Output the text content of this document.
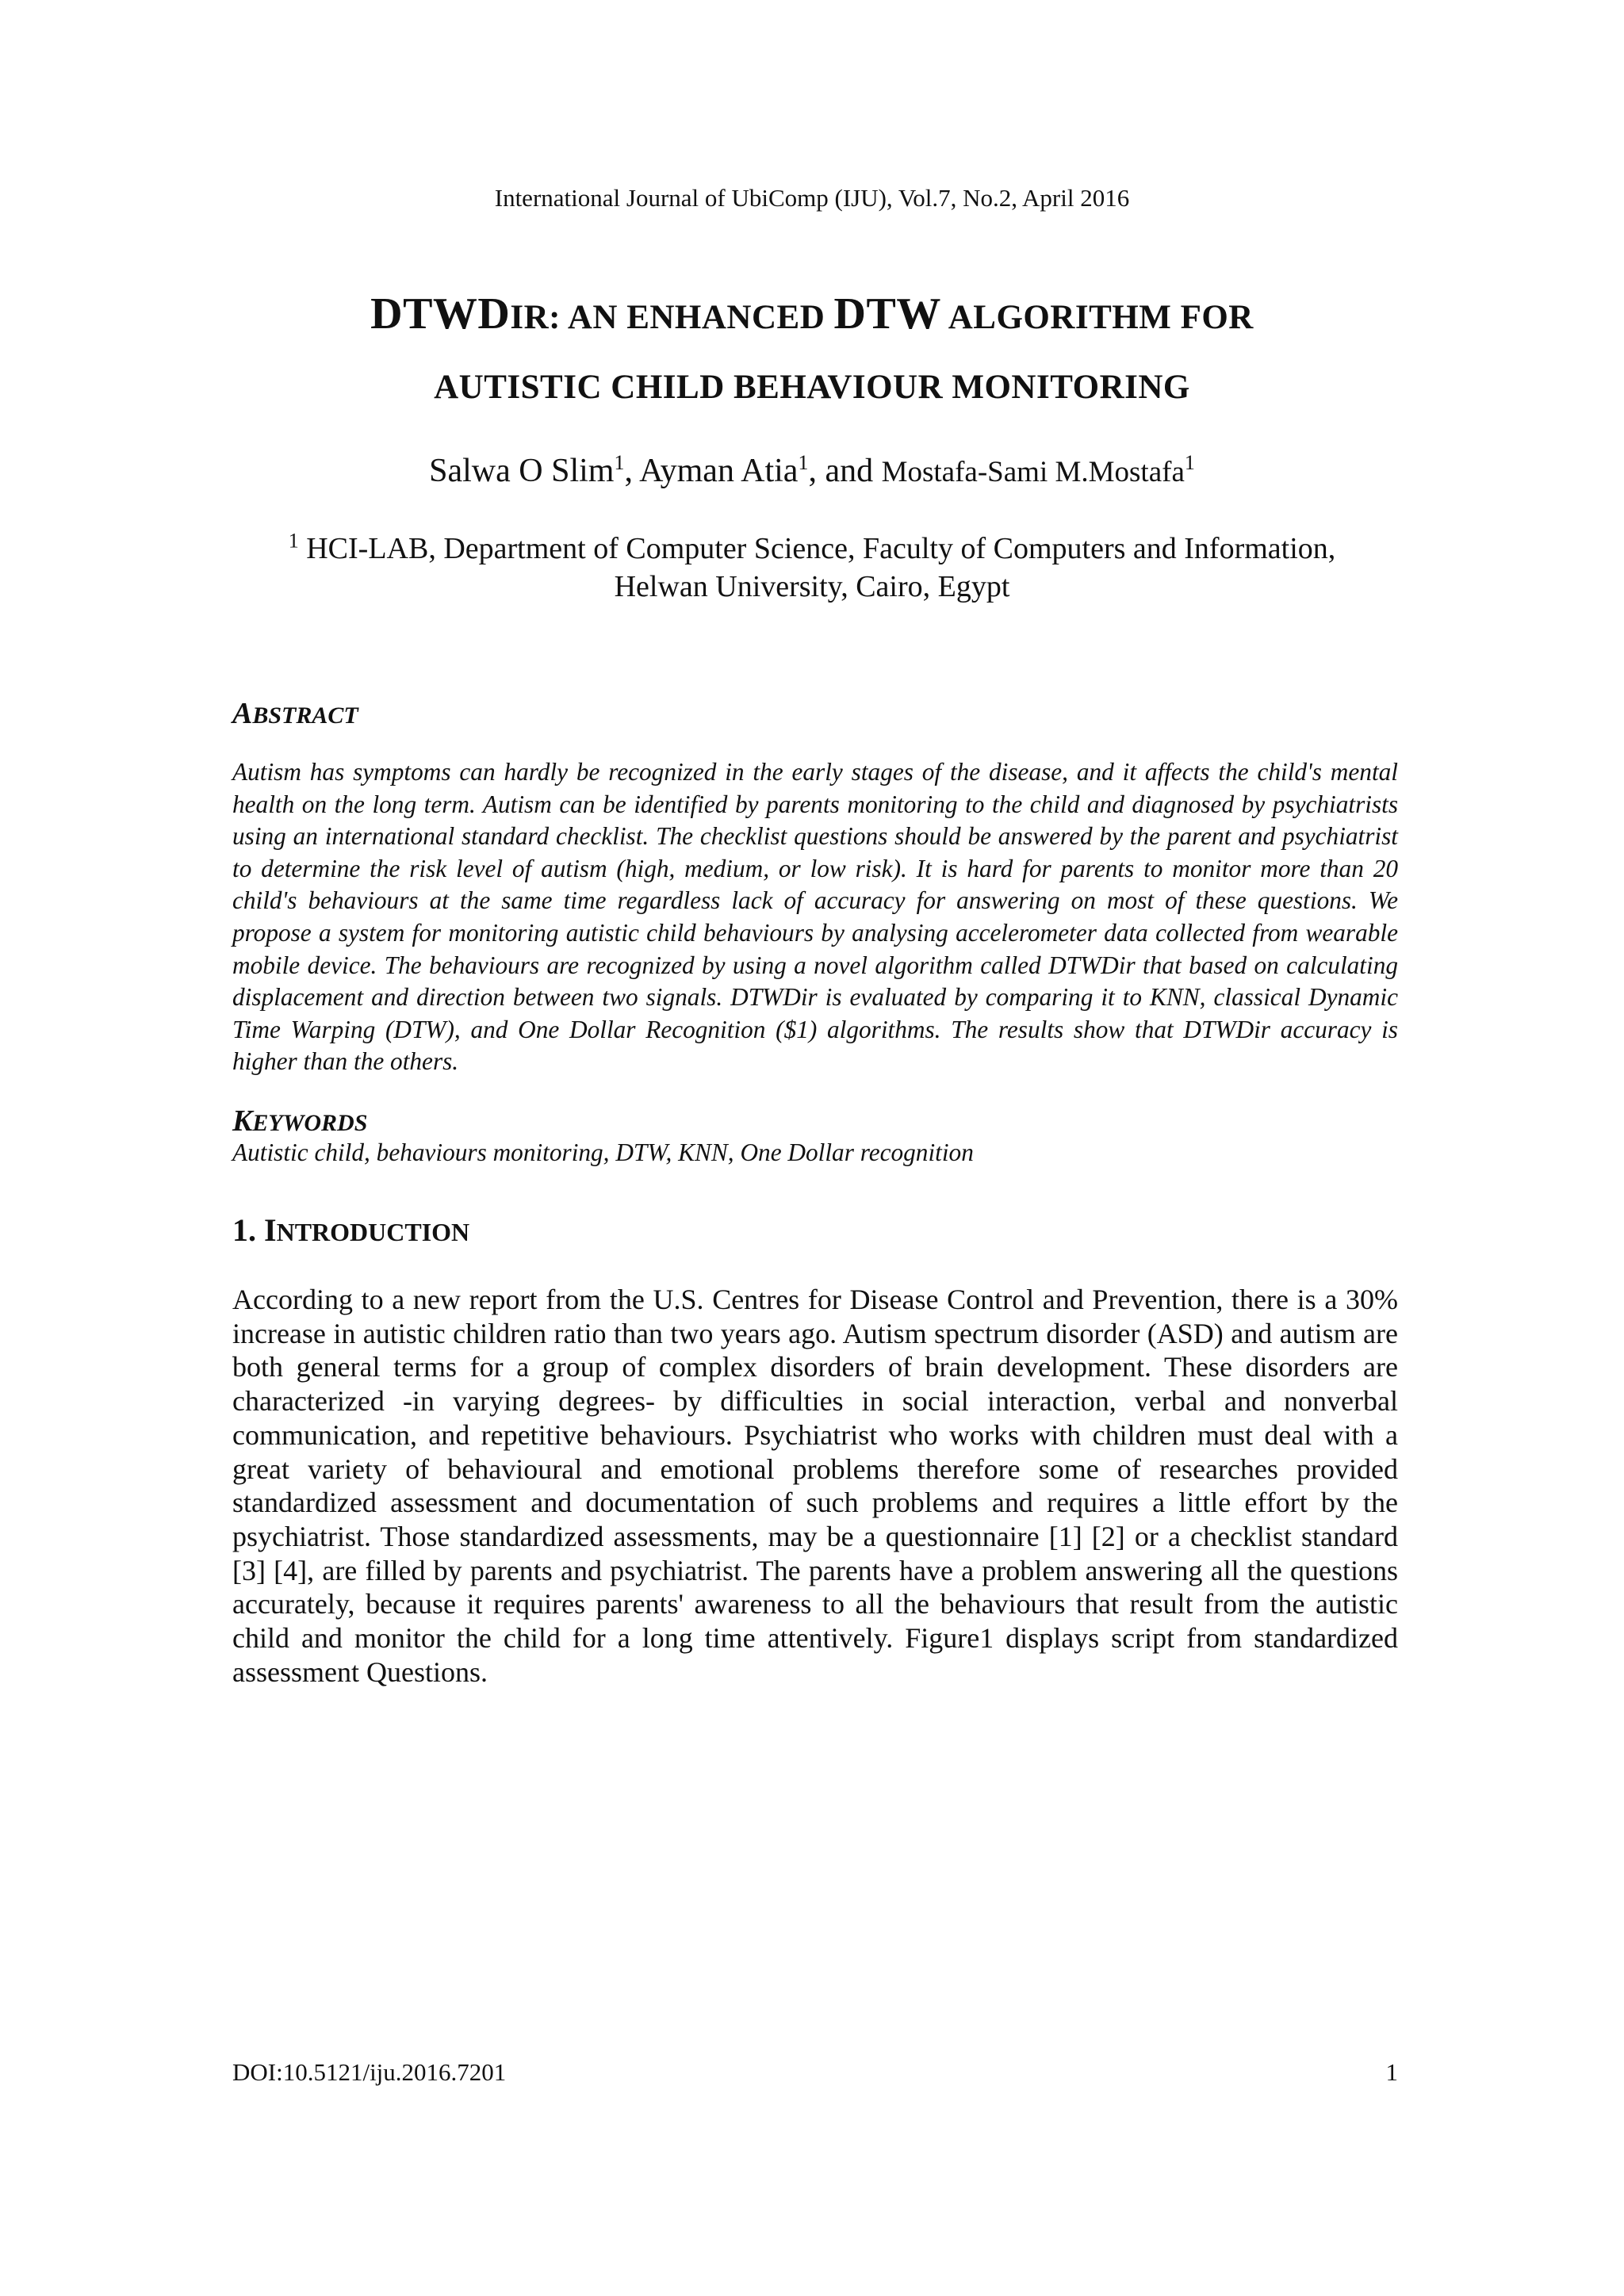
International Journal of UbiComp (IJU), Vol.7, No.2, April 2016
DTWDIR: AN ENHANCED DTW ALGORITHM FOR
AUTISTIC CHILD BEHAVIOUR MONITORING
Salwa O Slim$^1$, Ayman Atia$^1$, and Mostafa-Sami M.Mostafa$^1$
$^1$ HCI-LAB, Department of Computer Science, Faculty of Computers and Information,
Helwan University, Cairo, Egypt
ABSTRACT
Autism has symptoms can hardly be recognized in the early stages of the disease, and it affects the child's mental health on the long term. Autism can be identified by parents monitoring to the child and diagnosed by psychiatrists using an international standard checklist. The checklist questions should be answered by the parent and psychiatrist to determine the risk level of autism (high, medium, or low risk). It is hard for parents to monitor more than 20 child's behaviours at the same time regardless lack of accuracy for answering on most of these questions. We propose a system for monitoring autistic child behaviours by analysing accelerometer data collected from wearable mobile device. The behaviours are recognized by using a novel algorithm called DTWDir that based on calculating displacement and direction between two signals. DTWDir is evaluated by comparing it to KNN, classical Dynamic Time Warping (DTW), and One Dollar Recognition ($1) algorithms. The results show that DTWDir accuracy is higher than the others.
KEYWORDS
Autistic child, behaviours monitoring, DTW, KNN, One Dollar recognition
1. INTRODUCTION
According to a new report from the U.S. Centres for Disease Control and Prevention, there is a 30% increase in autistic children ratio than two years ago. Autism spectrum disorder (ASD) and autism are both general terms for a group of complex disorders of brain development. These disorders are characterized -in varying degrees- by difficulties in social interaction, verbal and nonverbal communication, and repetitive behaviours. Psychiatrist who works with children must deal with a great variety of behavioural and emotional problems therefore some of researches provided standardized assessment and documentation of such problems and requires a little effort by the psychiatrist. Those standardized assessments, may be a questionnaire [1] [2] or a checklist standard [3] [4], are filled by parents and psychiatrist. The parents have a problem answering all the questions accurately, because it requires parents' awareness to all the behaviours that result from the autistic child and monitor the child for a long time attentively. Figure1 displays script from standardized assessment Questions.
DOI:10.5121/iju.2016.7201	1
